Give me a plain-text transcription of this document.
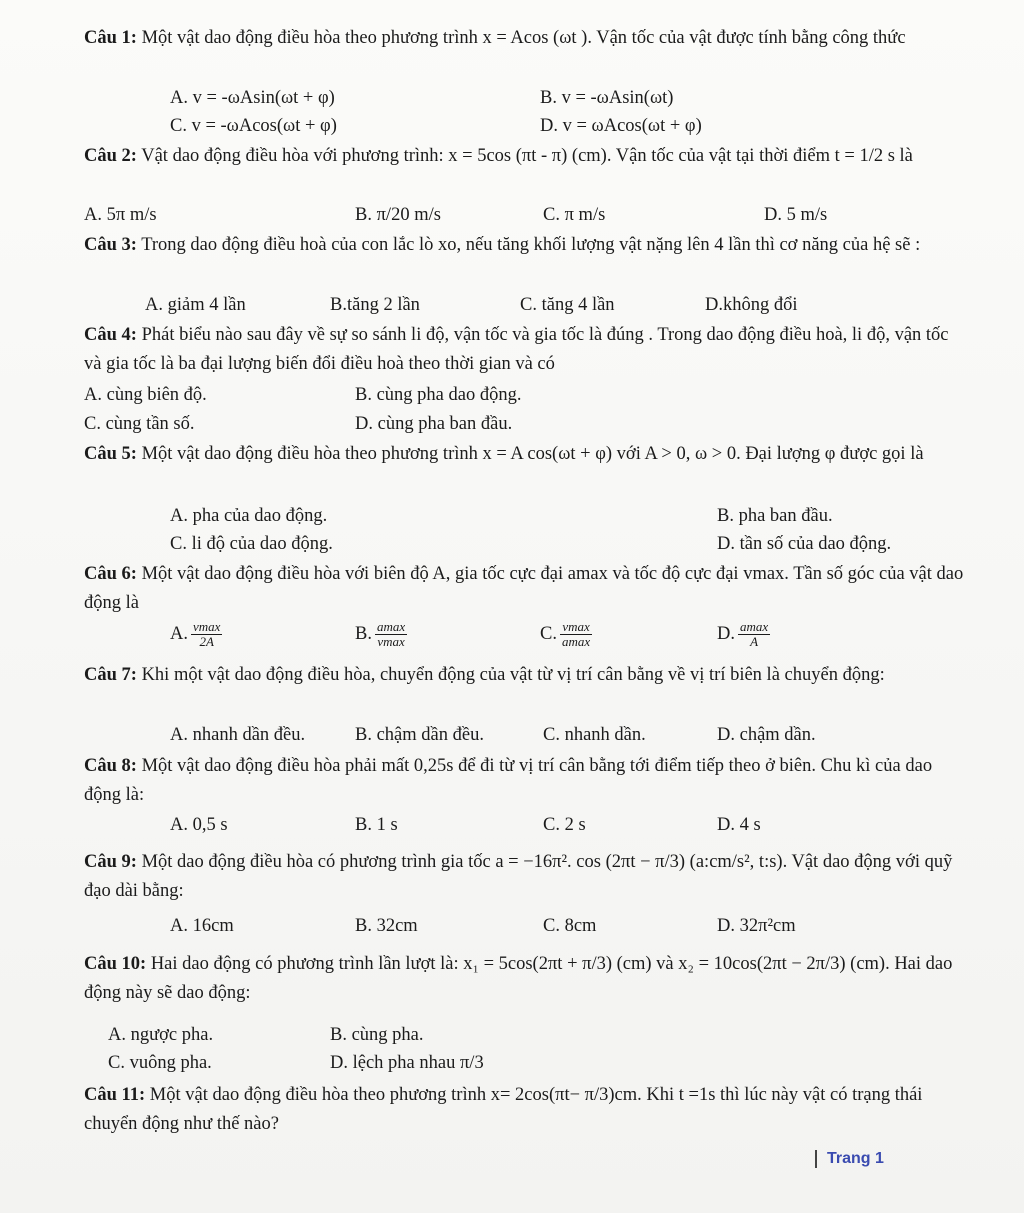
Câu 1: Một vật dao động điều hòa theo phương trình x = Acos (ωt ). Vận tốc của vật được tính bằng công thức
A. v = -ωAsin(ωt + φ)	B. v = -ωAsin(ωt)
C. v = -ωAcos(ωt + φ)	D. v = ωAcos(ωt + φ)
Câu 2: Vật dao động điều hòa với phương trình: x = 5cos (πt - π) (cm). Vận tốc của vật tại thời điểm t = 1/2 s là
A. 5π m/s	B. π/20 m/s	C. π m/s	D. 5 m/s
Câu 3: Trong dao động điều hoà của con lắc lò xo, nếu tăng khối lượng vật nặng lên 4 lần thì cơ năng của hệ sẽ :
A. giảm 4 lần	B.tăng 2 lần	C. tăng 4 lần	D.không đổi
Câu 4: Phát biểu nào sau đây về sự so sánh li độ, vận tốc và gia tốc là đúng . Trong dao động điều hoà, li độ, vận tốc và gia tốc là ba đại lượng biến đổi điều hoà theo thời gian và có
A. cùng biên độ.	B. cùng pha dao động.
C. cùng tần số.	D. cùng pha ban đầu.
Câu 5: Một vật dao động điều hòa theo phương trình x = A cos(ωt + φ) với A > 0, ω > 0. Đại lượng φ được gọi là
A. pha của dao động.	B. pha ban đầu.
C. li độ của dao động.	D. tần số của dao động.
Câu 6: Một vật dao động điều hòa với biên độ A, gia tốc cực đại amax và tốc độ cực đại vmax. Tần số góc của vật dao động là
A. $\frac{vmax}{2A}$	B. $\frac{amax}{vmax}$	C. $\frac{vmax}{amax}$	D. $\frac{amax}{A}$
Câu 7: Khi một vật dao động điều hòa, chuyển động của vật từ vị trí cân bằng về vị trí biên là chuyển động:
A. nhanh dần đều.	B. chậm dần đều.	C. nhanh dần.	D. chậm dần.
Câu 8: Một vật dao động điều hòa phải mất 0,25s để đi từ vị trí cân bằng tới điểm tiếp theo ở biên. Chu kì của dao động là:
A. 0,5 s	B. 1 s	C. 2 s	D. 4 s
Câu 9: Một dao động điều hòa có phương trình gia tốc a = −16π². cos (2πt − π/3) (a:cm/s², t:s). Vật dao động với quỹ đạo dài bằng:
A. 16cm	B. 32cm	C. 8cm	D. 32π²cm
Câu 10: Hai dao động có phương trình lần lượt là: x₁ = 5cos(2πt + π/3) (cm) và x₂ = 10cos(2πt − 2π/3) (cm). Hai dao động này sẽ dao động:
A. ngược pha.	B. cùng pha.
C. vuông pha.	D. lệch pha nhau π/3
Câu 11: Một vật dao động điều hòa theo phương trình x= 2cos(πt− π/3)cm. Khi t =1s thì lúc này vật có trạng thái chuyển động như thế nào?
Trang 1
